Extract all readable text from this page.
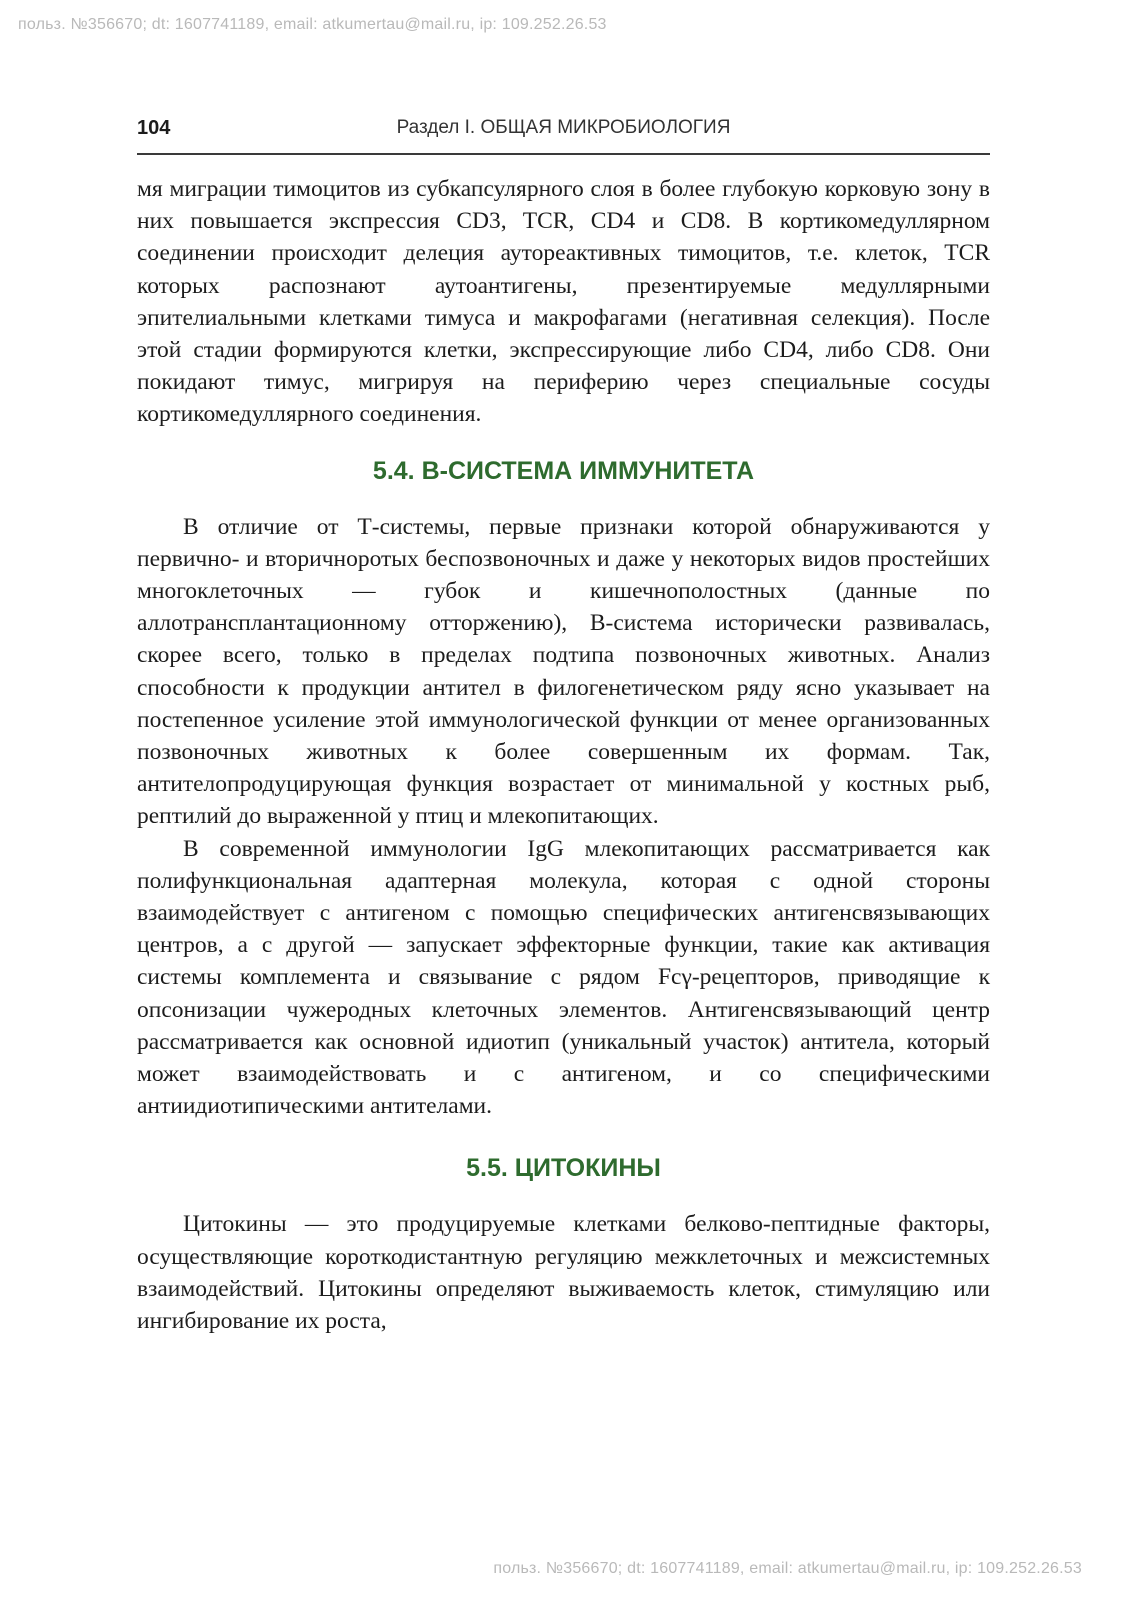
польз. №356670; dt: 1607741189, email: atkumertau@mail.ru, ip: 109.252.26.53
104	Раздел I. ОБЩАЯ МИКРОБИОЛОГИЯ

мя миграции тимоцитов из субкапсулярного слоя в более глубокую корковую зону в них повышается экспрессия CD3, TCR, CD4 и CD8. В кортикомедуллярном соединении происходит делеция аутореактивных тимоцитов, т.е. клеток, TCR которых распознают аутоантигены, презентируемые медуллярными эпителиальными клетками тимуса и макрофагами (негативная селекция). После этой стадии формируются клетки, экспрессирующие либо CD4, либо CD8. Они покидают тимус, мигрируя на периферию через специальные сосуды кортикомедуллярного соединения.

5.4. В-СИСТЕМА ИММУНИТЕТА

В отличие от Т-системы, первые признаки которой обнаруживаются у первично- и вторичноротых беспозвоночных и даже у некоторых видов простейших многоклеточных — губок и кишечнополостных (данные по аллотрансплантационному отторжению), В-система исторически развивалась, скорее всего, только в пределах подтипа позвоночных животных. Анализ способности к продукции антител в филогенетическом ряду ясно указывает на постепенное усиление этой иммунологической функции от менее организованных позвоночных животных к более совершенным их формам. Так, антителопродуцирующая функция возрастает от минимальной у костных рыб, рептилий до выраженной у птиц и млекопитающих.

В современной иммунологии IgG млекопитающих рассматривается как полифункциональная адаптерная молекула, которая с одной стороны взаимодействует с антигеном с помощью специфических антигенсвязывающих центров, а с другой — запускает эффекторные функции, такие как активация системы комплемента и связывание с рядом Fcγ-рецепторов, приводящие к опсонизации чужеродных клеточных элементов. Антигенсвязывающий центр рассматривается как основной идиотип (уникальный участок) антитела, который может взаимодействовать и с антигеном, и со специфическими антиидиотипическими антителами.

5.5. ЦИТОКИНЫ

Цитокины — это продуцируемые клетками белково-пептидные факторы, осуществляющие короткодистантную регуляцию межклеточных и межсистемных взаимодействий. Цитокины определяют выживаемость клеток, стимуляцию или ингибирование их роста,

польз. №356670; dt: 1607741189, email: atkumertau@mail.ru, ip: 109.252.26.53
